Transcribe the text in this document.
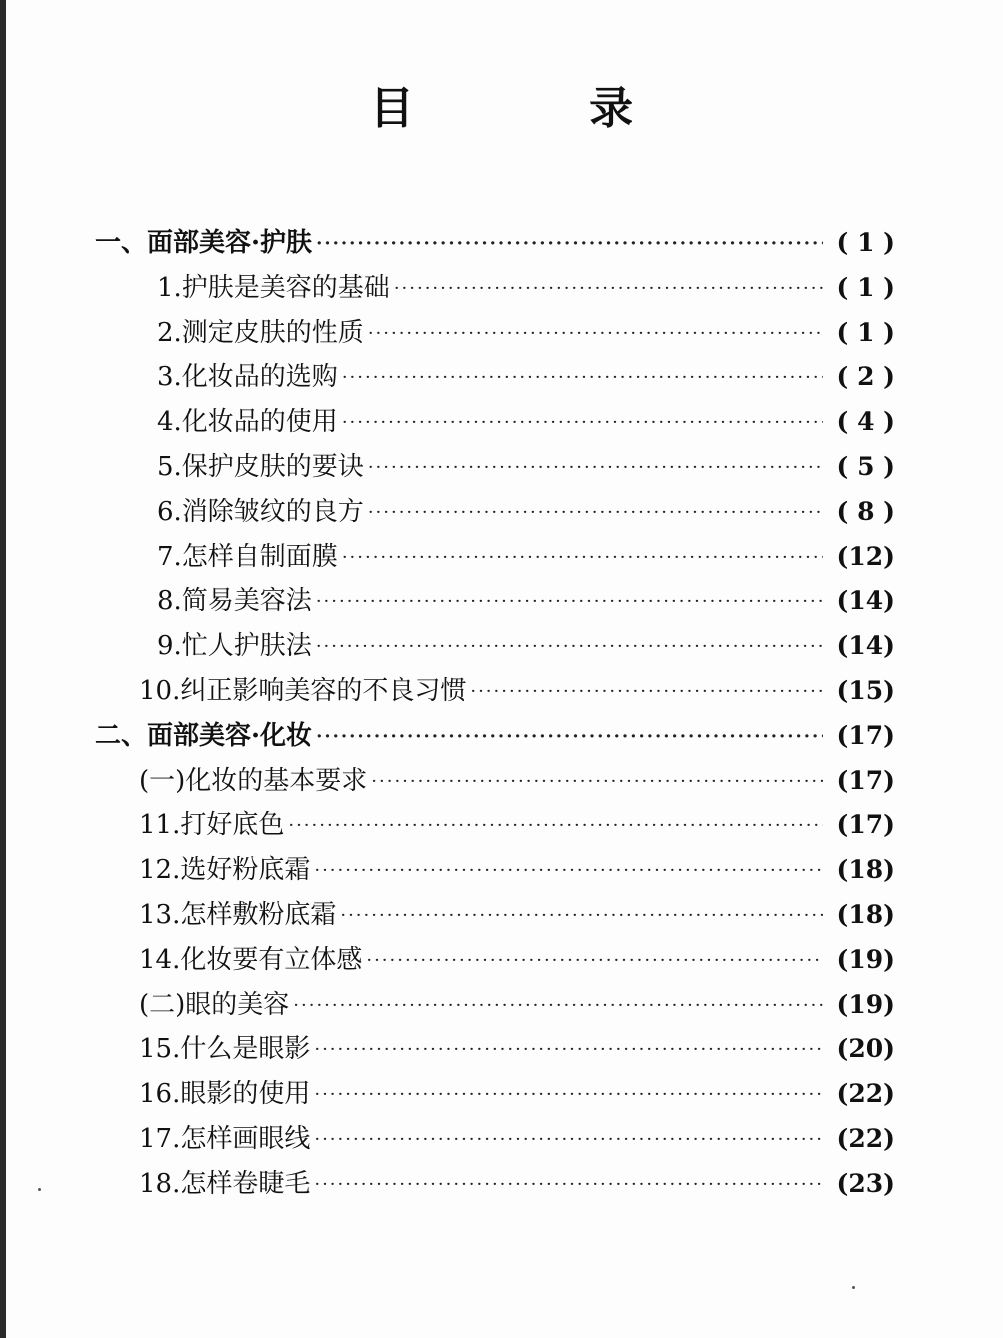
目 录
一、面部美容·护肤 ·····	( 1 )
1.护肤是美容的基础 ·····	( 1 )
2.测定皮肤的性质 ·····	( 1 )
3.化妆品的选购 ·····	( 2 )
4.化妆品的使用 ·····	( 4 )
5.保护皮肤的要诀 ·····	( 5 )
6.消除皱纹的良方 ·····	( 8 )
7.怎样自制面膜 ·····	(12)
8.简易美容法 ·····	(14)
9.忙人护肤法 ·····	(14)
10.纠正影响美容的不良习惯 ·····	(15)
二、面部美容·化妆 ·····	(17)
(一)化妆的基本要求 ·····	(17)
11.打好底色 ·····	(17)
12.选好粉底霜 ·····	(18)
13.怎样敷粉底霜 ·····	(18)
14.化妆要有立体感 ·····	(19)
(二)眼的美容 ·····	(19)
15.什么是眼影 ·····	(20)
16.眼影的使用 ·····	(22)
17.怎样画眼线 ·····	(22)
18.怎样卷睫毛 ·····	(23)
